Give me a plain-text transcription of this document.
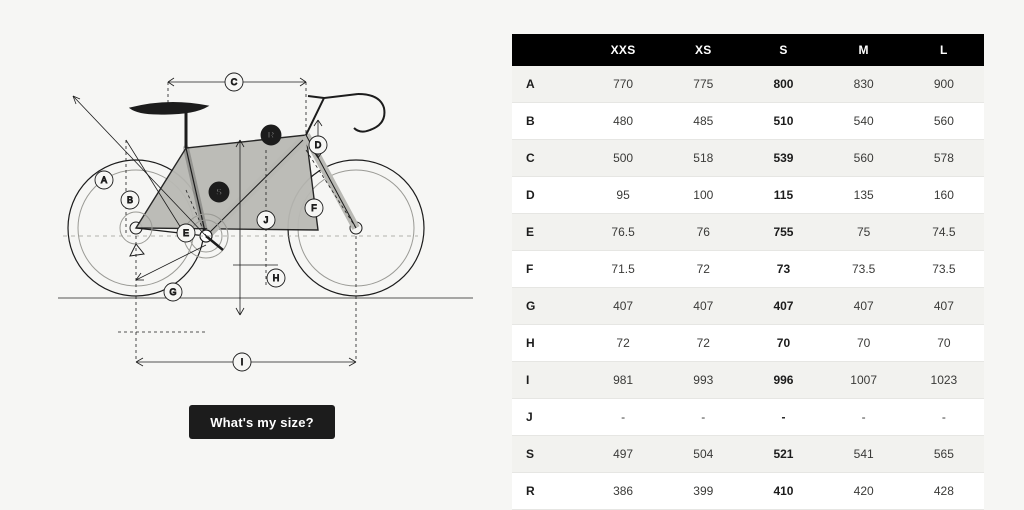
A
B
C
D
E
F
G
H
I
J
S
R
What's my size?
	XXS	XS	S	M	L
A	770	775	800	830	900
B	480	485	510	540	560
C	500	518	539	560	578
D	95	100	115	135	160
E	76.5	76	755	75	74.5
F	71.5	72	73	73.5	73.5
G	407	407	407	407	407
H	72	72	70	70	70
I	981	993	996	1007	1023
J	-	-	-	-	-
S	497	504	521	541	565
R	386	399	410	420	428
